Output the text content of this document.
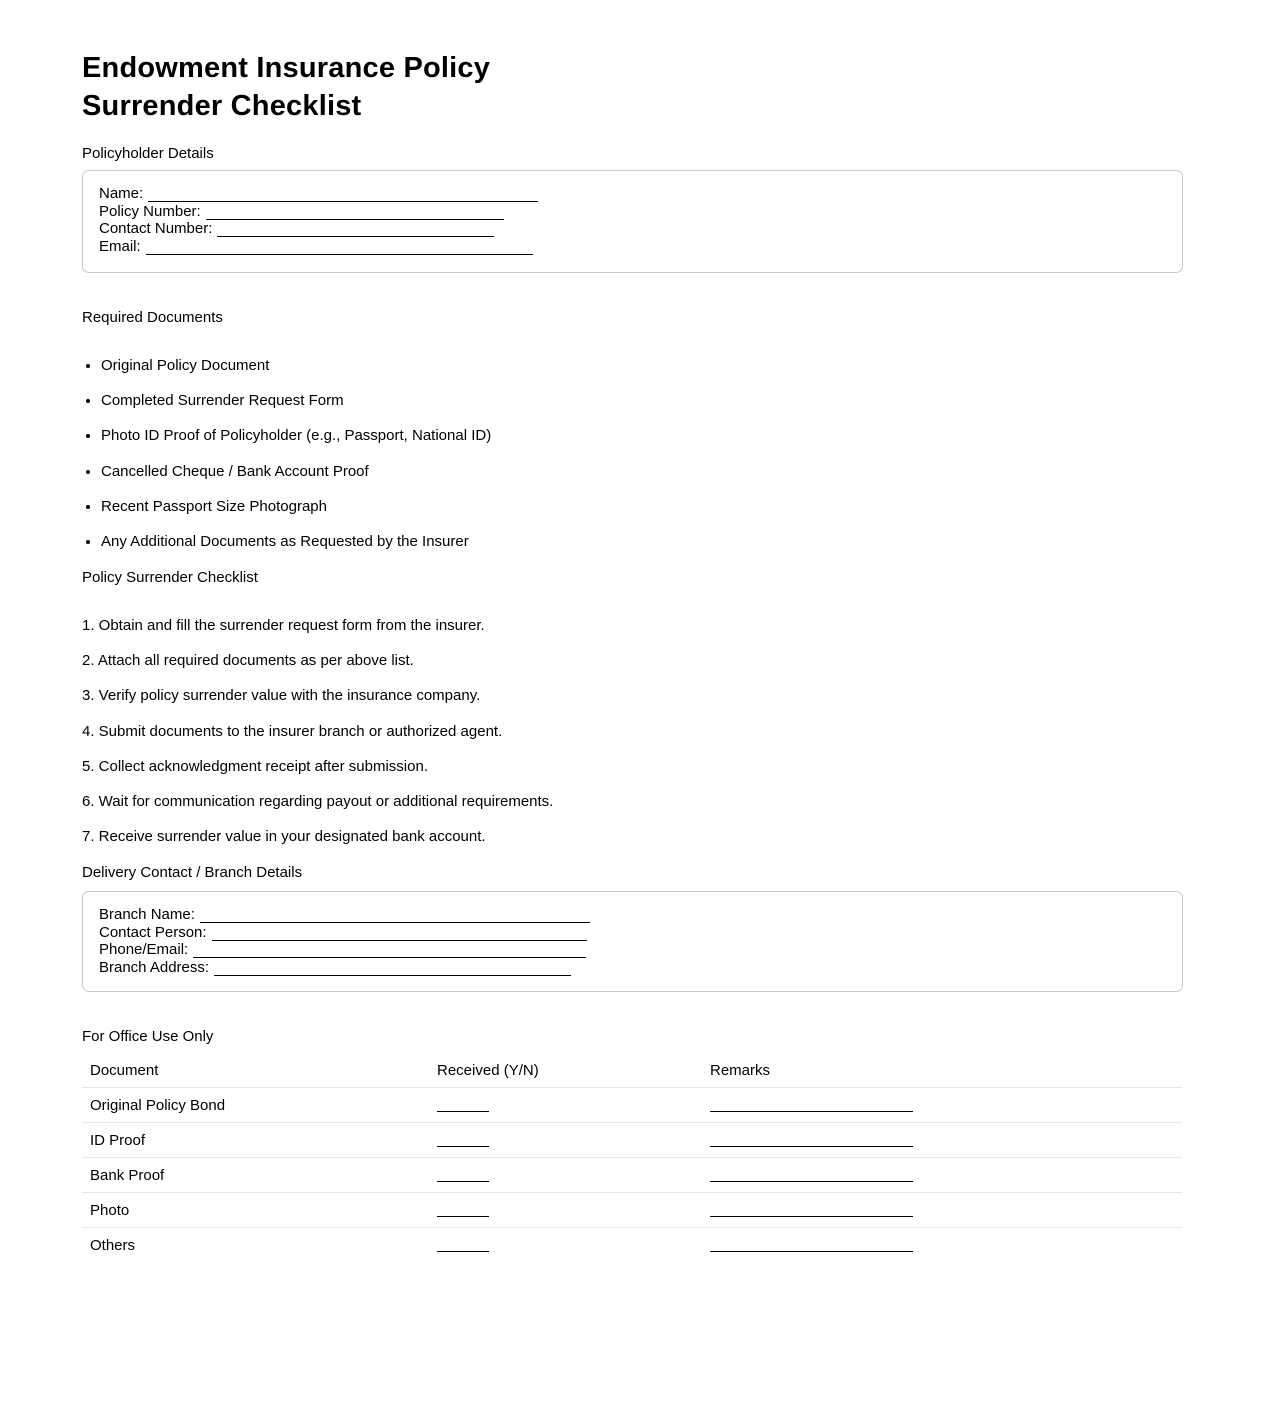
Endowment Insurance Policy
Surrender Checklist

Policyholder Details

Name:
Policy Number:
Contact Number:
Email:

Required Documents

• Original Policy Document
• Completed Surrender Request Form
• Photo ID Proof of Policyholder (e.g., Passport, National ID)
• Cancelled Cheque / Bank Account Proof
• Recent Passport Size Photograph
• Any Additional Documents as Requested by the Insurer

Policy Surrender Checklist

1. Obtain and fill the surrender request form from the insurer.

2. Attach all required documents as per above list.

3. Verify policy surrender value with the insurance company.

4. Submit documents to the insurer branch or authorized agent.

5. Collect acknowledgment receipt after submission.

6. Wait for communication regarding payout or additional requirements.

7. Receive surrender value in your designated bank account.

Delivery Contact / Branch Details

Branch Name:
Contact Person:
Phone/Email:
Branch Address:

For Office Use Only

Document	Received (Y/N)	Remarks
Original Policy Bond
ID Proof
Bank Proof
Photo
Others
